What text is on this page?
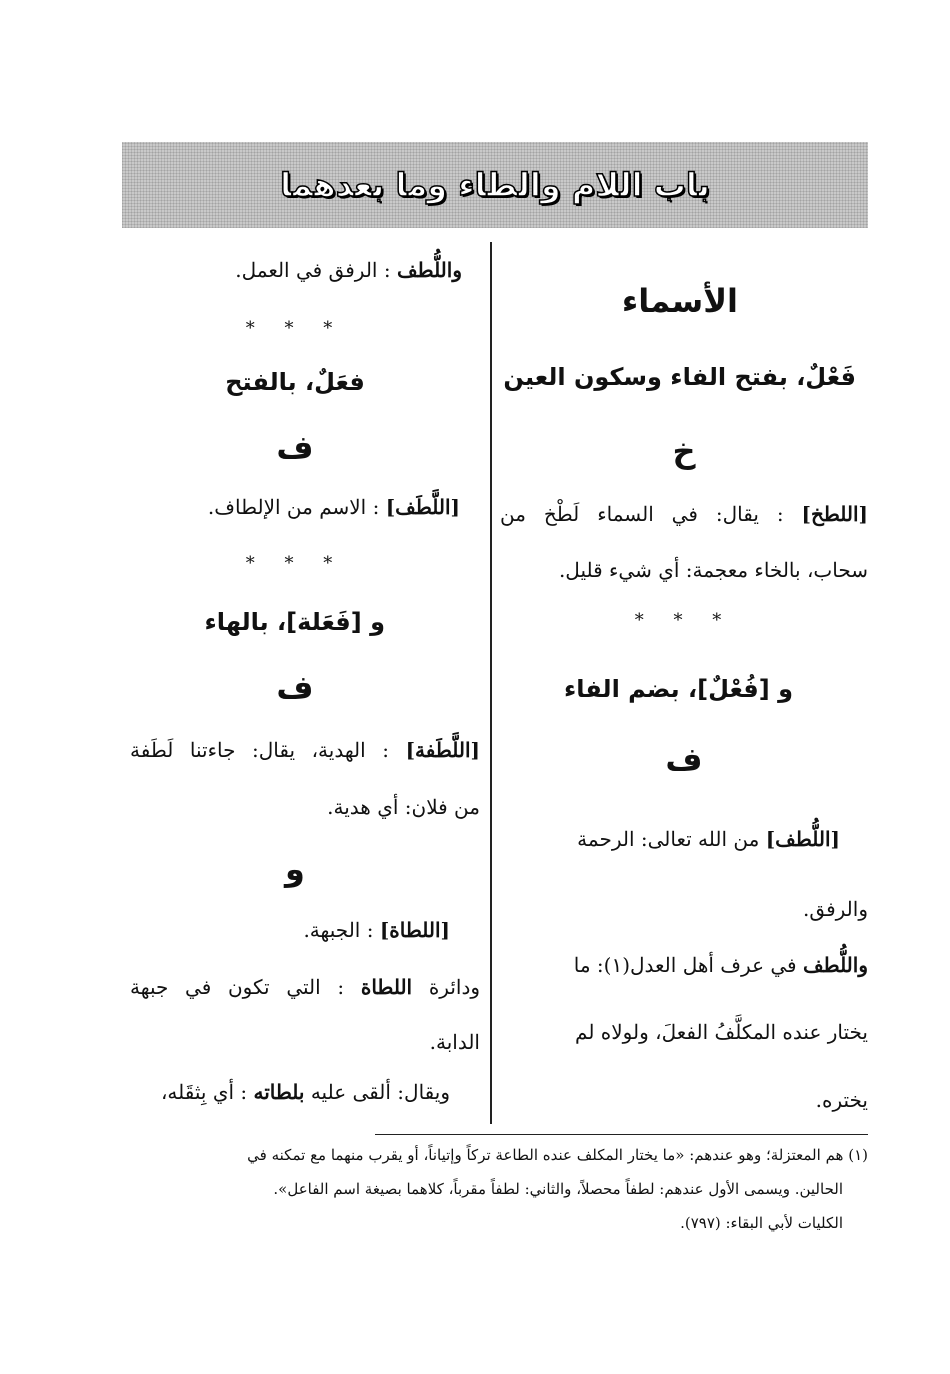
باب اللام والطاء وما بعدهما
الأسماء
فَعْلٌ، بفتح الفاء وسكون العين
خ
[اللطخ] : يقال: في السماء لَطْخ من
سحاب، بالخاء معجمة: أي شيء قليل.
* * *
و [فُعْلٌ]، بضم الفاء
ف
[اللُّطف] من الله تعالى: الرحمة
والرفق.
واللُّطف في عرف أهل العدل(١): ما
يختار عنده المكلَّفُ الفعلَ، ولولاه لم
يختره.
واللُّطف : الرفق في العمل.
* * *
فعَلٌ، بالفتح
ف
[اللَّطَف] : الاسم من الإلطاف.
* * *
و [فَعَلة]، بالهاء
ف
[اللَّطَفة] : الهدية، يقال: جاءتنا لَطَفة
من فلان: أي هدية.
و
[اللطاة] : الجبهة.
ودائرة اللطاة : التي تكون في جبهة
الدابة.
ويقال: ألقى عليه بلطاته : أي بِثقَله،
(١) هم المعتزلة؛ وهو عندهم: «ما يختار المكلف عنده الطاعة تركاً وإتياناً، أو يقرب منهما مع تمكنه في
الحالين. ويسمى الأول عندهم: لطفاً محصلاً، والثاني: لطفاً مقرباً، كلاهما بصيغة اسم الفاعل».
الكليات لأبي البقاء: (٧٩٧).
